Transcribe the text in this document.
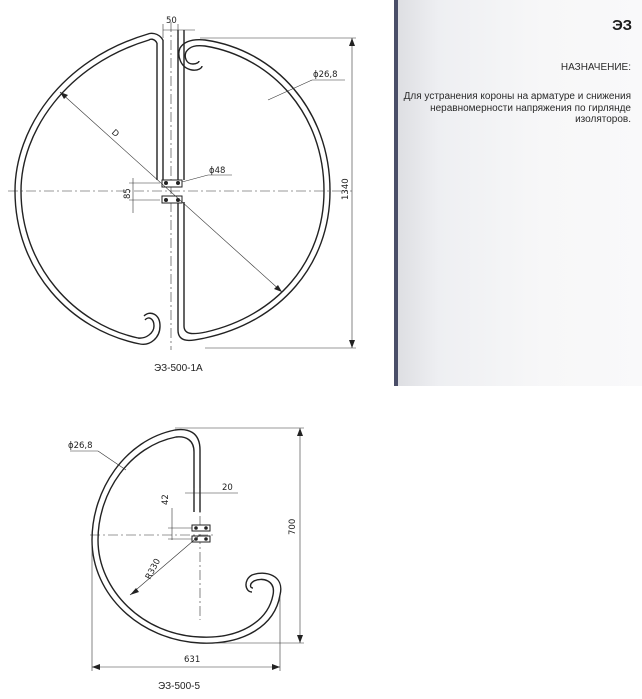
50
ϕ26,8
D
ϕ48
85	1340
ЭЗ-500-1А
ϕ26,8
20
42
R330
700
631
ЭЗ-500-5
ЭЗ
НАЗНАЧЕНИЕ:
Для устранения короны на арматуре и снижения неравномерности напряжения по гирлянде изоляторов.
